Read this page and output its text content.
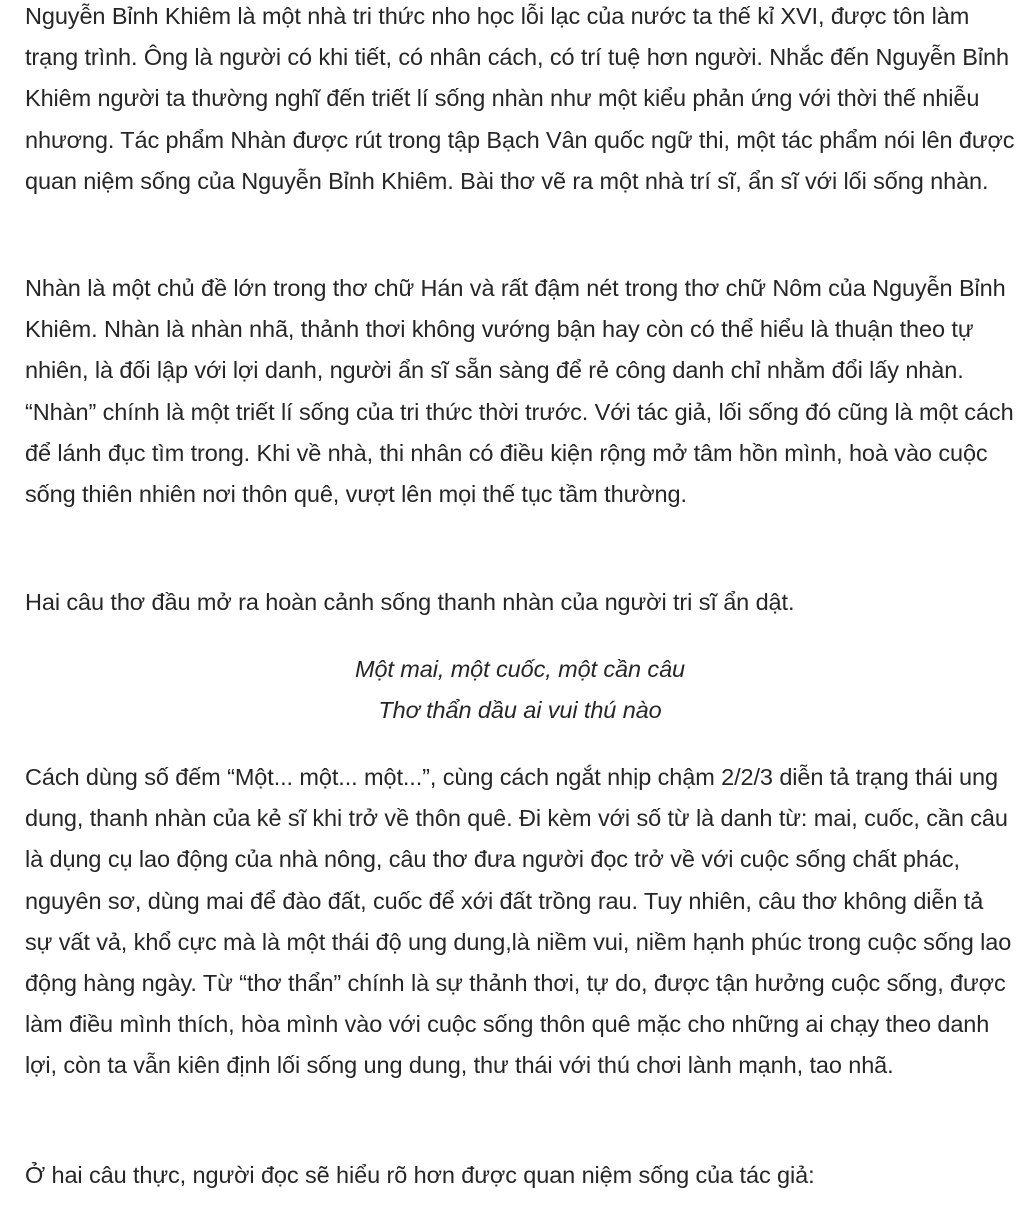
Nguyễn Bỉnh Khiêm là một nhà tri thức nho học lỗi lạc của nước ta thế kỉ XVI, được tôn làm trạng trình. Ông là người có khi tiết, có nhân cách, có trí tuệ hơn người. Nhắc đến Nguyễn Bỉnh Khiêm người ta thường nghĩ đến triết lí sống nhàn như một kiểu phản ứng với thời thế nhiễu nhương. Tác phẩm Nhàn được rút trong tập Bạch Vân quốc ngữ thi, một tác phẩm nói lên được quan niệm sống của Nguyễn Bỉnh Khiêm. Bài thơ vẽ ra một nhà trí sĩ, ẩn sĩ với lối sống nhàn.

Nhàn là một chủ đề lớn trong thơ chữ Hán và rất đậm nét trong thơ chữ Nôm của Nguyễn Bỉnh Khiêm. Nhàn là nhàn nhã, thảnh thơi không vướng bận hay còn có thể hiểu là thuận theo tự nhiên, là đối lập với lợi danh, người ẩn sĩ sẵn sàng để rẻ công danh chỉ nhằm đổi lấy nhàn. “Nhàn” chính là một triết lí sống của tri thức thời trước. Với tác giả, lối sống đó cũng là một cách để lánh đục tìm trong. Khi về nhà, thi nhân có điều kiện rộng mở tâm hồn mình, hoà vào cuộc sống thiên nhiên nơi thôn quê, vượt lên mọi thế tục tầm thường.

Hai câu thơ đầu mở ra hoàn cảnh sống thanh nhàn của người tri sĩ ẩn dật.

Một mai, một cuốc, một cần câu
Thơ thẩn dầu ai vui thú nào

Cách dùng số đếm “Một... một... một...”, cùng cách ngắt nhịp chậm 2/2/3 diễn tả trạng thái ung dung, thanh nhàn của kẻ sĩ khi trở về thôn quê. Đi kèm với số từ là danh từ: mai, cuốc, cần câu là dụng cụ lao động của nhà nông, câu thơ đưa người đọc trở về với cuộc sống chất phác, nguyên sơ, dùng mai để đào đất, cuốc để xới đất trồng rau. Tuy nhiên, câu thơ không diễn tả sự vất vả, khổ cực mà là một thái độ ung dung,là niềm vui, niềm hạnh phúc trong cuộc sống lao động hàng ngày. Từ “thơ thẩn” chính là sự thảnh thơi, tự do, được tận hưởng cuộc sống, được làm điều mình thích, hòa mình vào với cuộc sống thôn quê mặc cho những ai chạy theo danh lợi, còn ta vẫn kiên định lối sống ung dung, thư thái với thú chơi lành mạnh, tao nhã.

Ở hai câu thực, người đọc sẽ hiểu rõ hơn được quan niệm sống của tác giả:
